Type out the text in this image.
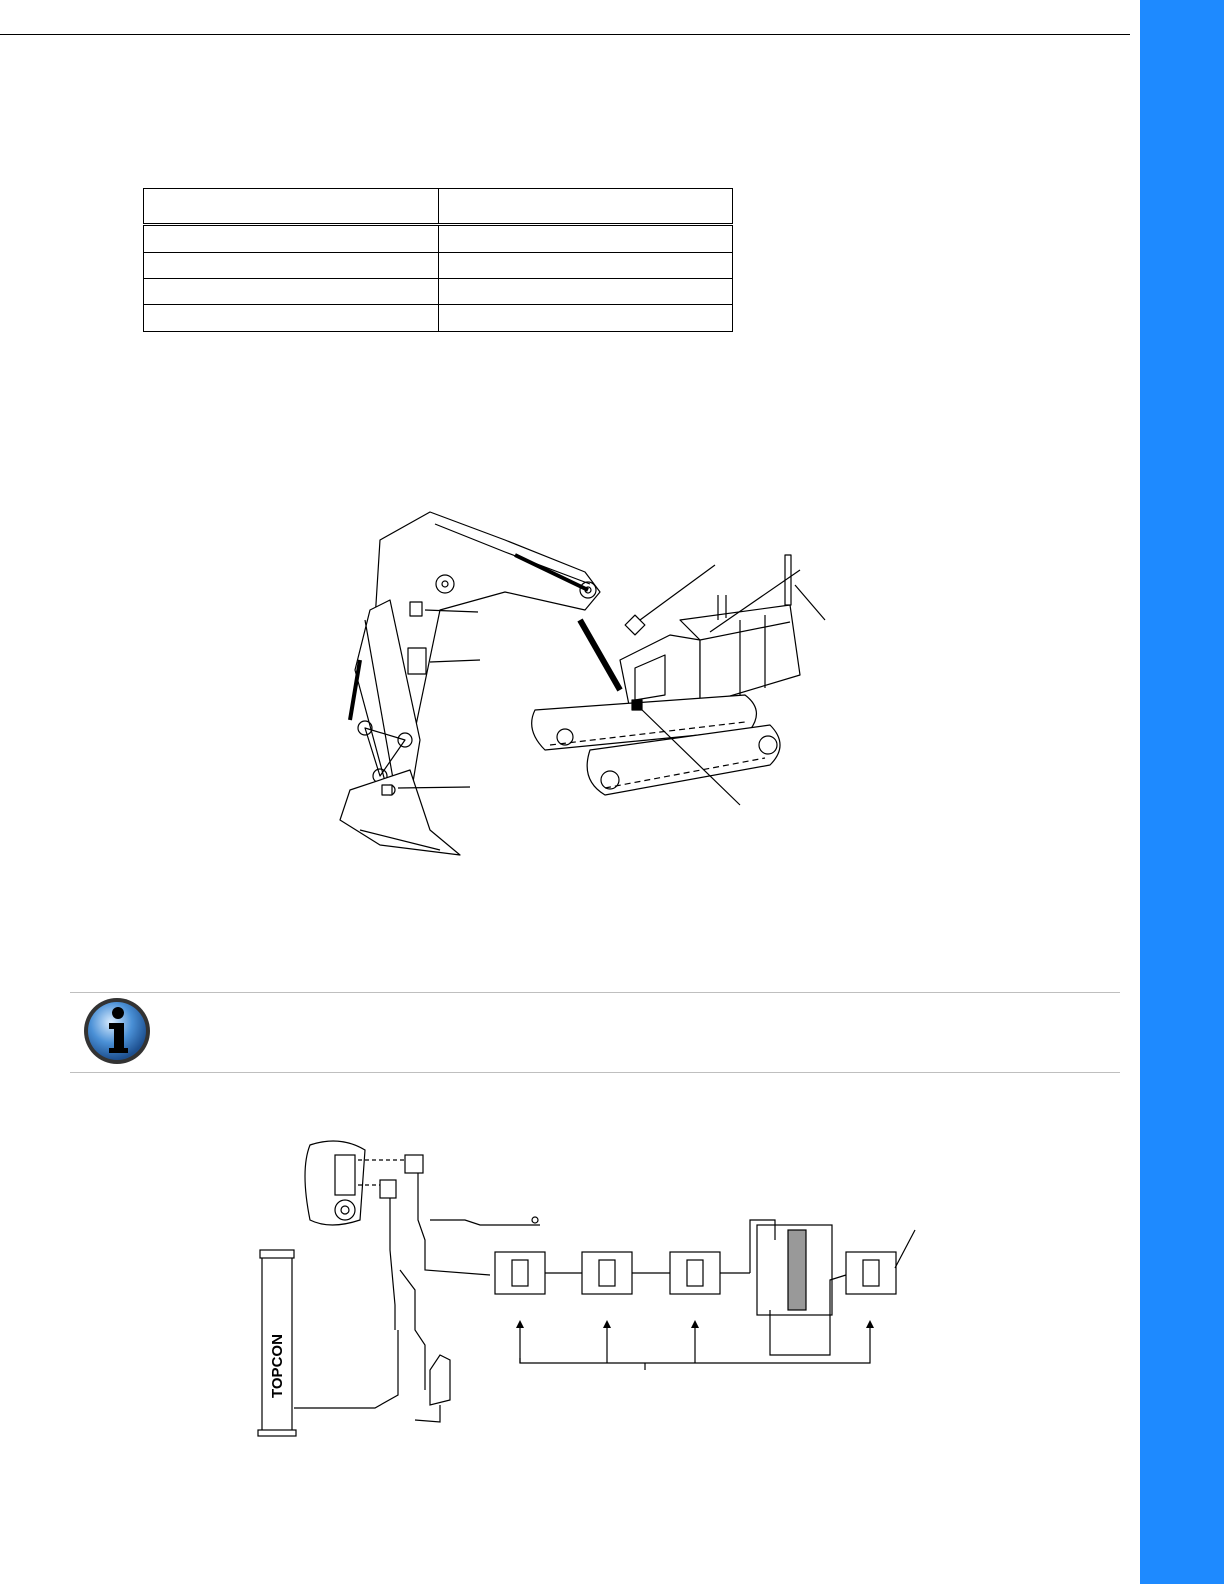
TOPCON
